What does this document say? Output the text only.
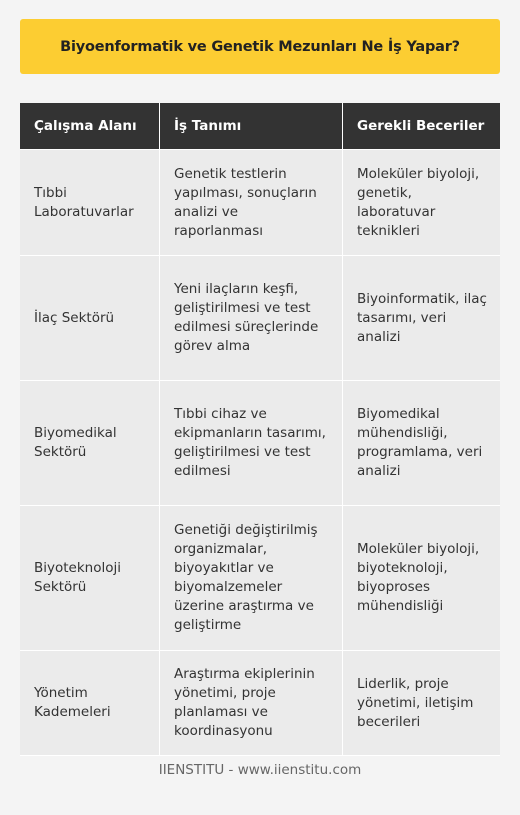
Biyoenformatik ve Genetik Mezunları Ne İş Yapar?
Çalışma Alanı	İş Tanımı	Gerekli Beceriler
Tıbbi Laboratuvarlar
Genetik testlerin yapılması, sonuçların analizi ve raporlanması
Moleküler biyoloji, genetik, laboratuvar teknikleri
İlaç Sektörü
Yeni ilaçların keşfi, geliştirilmesi ve test edilmesi süreçlerinde görev alma
Biyoinformatik, ilaç tasarımı, veri analizi
Biyomedikal Sektörü
Tıbbi cihaz ve ekipmanların tasarımı, geliştirilmesi ve test edilmesi
Biyomedikal mühendisliği, programlama, veri analizi
Biyoteknoloji Sektörü
Genetiği değiştirilmiş organizmalar, biyoyakıtlar ve biyomalzemeler üzerine araştırma ve geliştirme
Moleküler biyoloji, biyoteknoloji, biyoproses mühendisliği
Yönetim Kademeleri
Araştırma ekiplerinin yönetimi, proje planlaması ve koordinasyonu
Liderlik, proje yönetimi, iletişim becerileri
IIENSTITU - www.iienstitu.com
